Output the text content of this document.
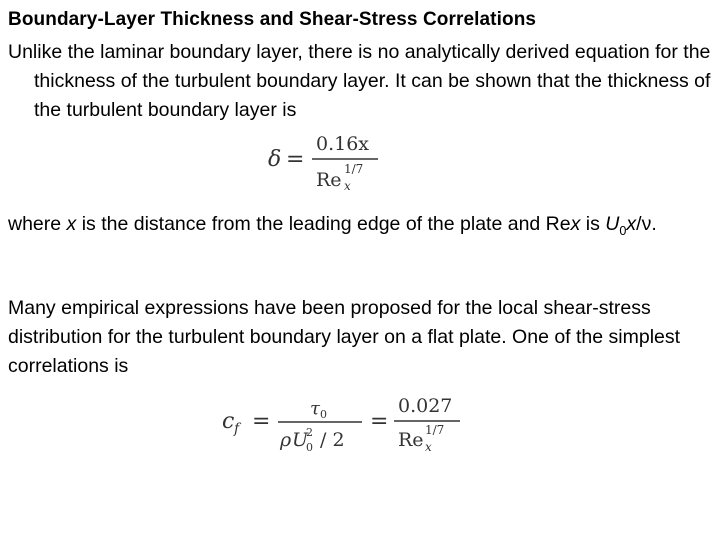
Boundary-Layer Thickness and Shear-Stress Correlations

Unlike the laminar boundary layer, there is no analytically derived equation for the thickness of the turbulent boundary layer. It can be shown that the thickness of the turbulent boundary layer is

δ =
0.16x
Re x
1/7

where x is the distance from the leading edge of the plate and Rex is $U_0x/\nu$.

Many empirical expressions have been proposed for the local shear-stress distribution for the turbulent boundary layer on a flat plate. One of the simplest correlations is

c f =
τ 0
ρ U
0
2 / 2
=
0.027
Re x
1/7
